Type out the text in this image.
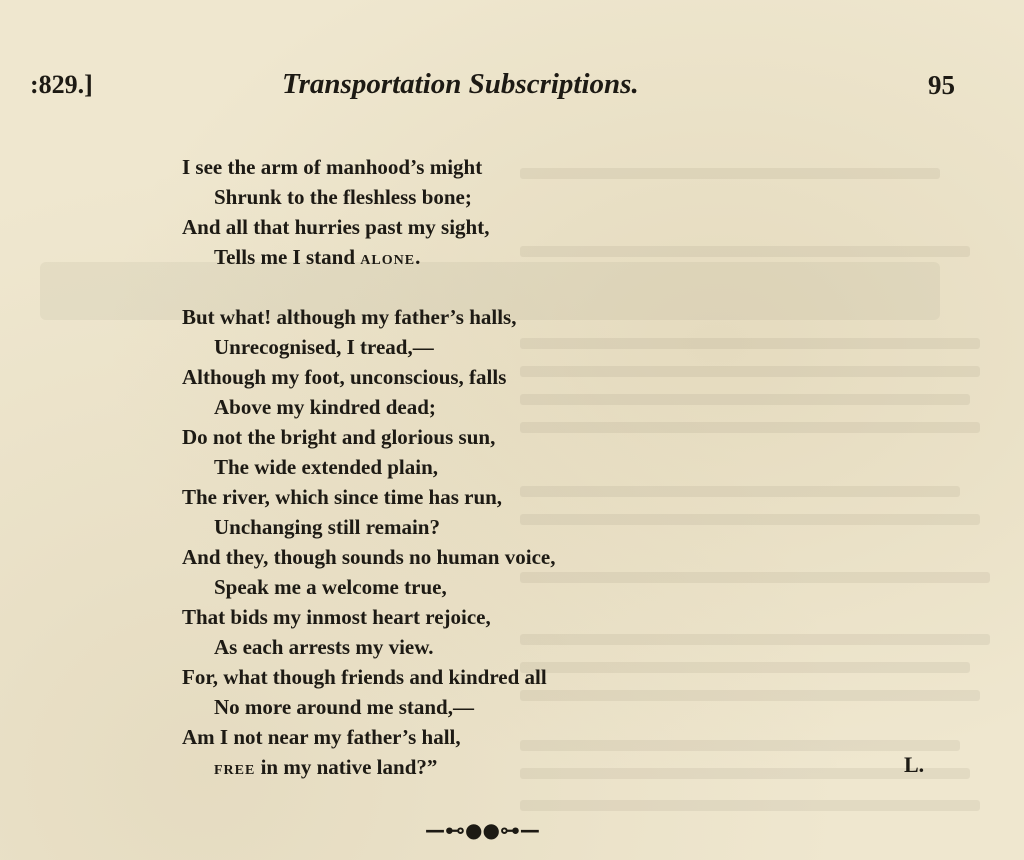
:829.]	Transportation Subscriptions.	95
I see the arm of manhood’s might
Shrunk to the fleshless bone;
And all that hurries past my sight,
Tells me I stand ALONE.
But what! although my father’s halls,
Unrecognised, I tread,—
Although my foot, unconscious, falls
Above my kindred dead;
Do not the bright and glorious sun,
The wide extended plain,
The river, which since time has run,
Unchanging still remain?
And they, though sounds no human voice,
Speak me a welcome true,
That bids my inmost heart rejoice,
As each arrests my view.
For, what though friends and kindred all
No more around me stand,—
Am I not near my father’s hall,
FREE in my native land?”	L.
—⊷●●⊶—
